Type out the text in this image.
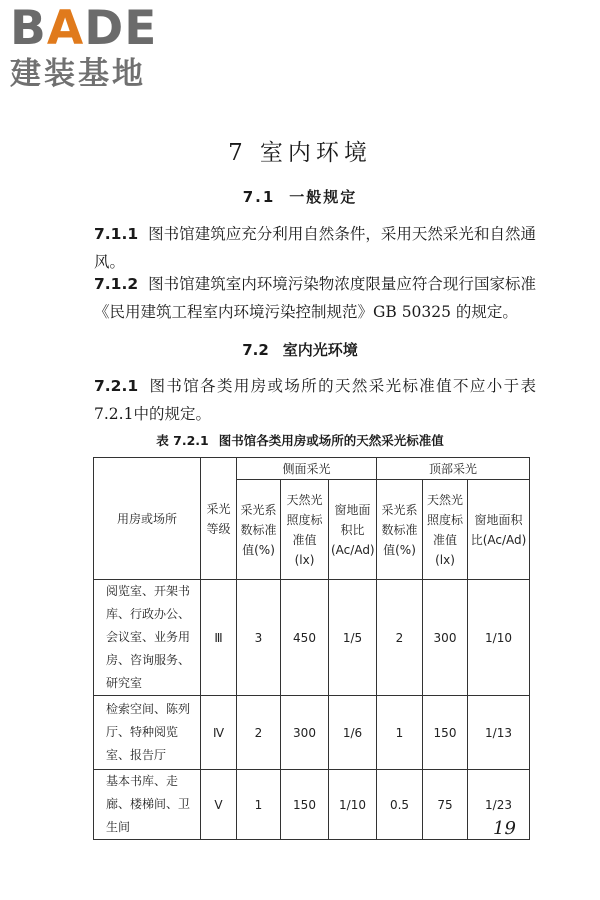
BADE
建装基地
7 室内环境
7.1 一般规定
7.1.1 图书馆建筑应充分利用自然条件，采用天然采光和自然通风。
7.1.2 图书馆建筑室内环境污染物浓度限量应符合现行国家标准《民用建筑工程室内环境污染控制规范》GB 50325 的规定。
7.2 室内光环境
7.2.1 图书馆各类用房或场所的天然采光标准值不应小于表7.2.1中的规定。
表 7.2.1 图书馆各类用房或场所的天然采光标准值
用房或场所	采光等级	侧面采光			顶部采光		
		采光系数标准值(%)	天然光照度标准值(lx)	窗地面积比(Ac/Ad)	采光系数标准值(%)	天然光照度标准值(lx)	窗地面积比(Ac/Ad)
阅览室、开架书库、行政办公、会议室、业务用房、咨询服务、研究室	Ⅲ	3	450	1/5	2	300	1/10
检索空间、陈列厅、特种阅览室、报告厅	Ⅳ	2	300	1/6	1	150	1/13
基本书库、走廊、楼梯间、卫生间	Ⅴ	1	150	1/10	0.5	75	1/23
19
